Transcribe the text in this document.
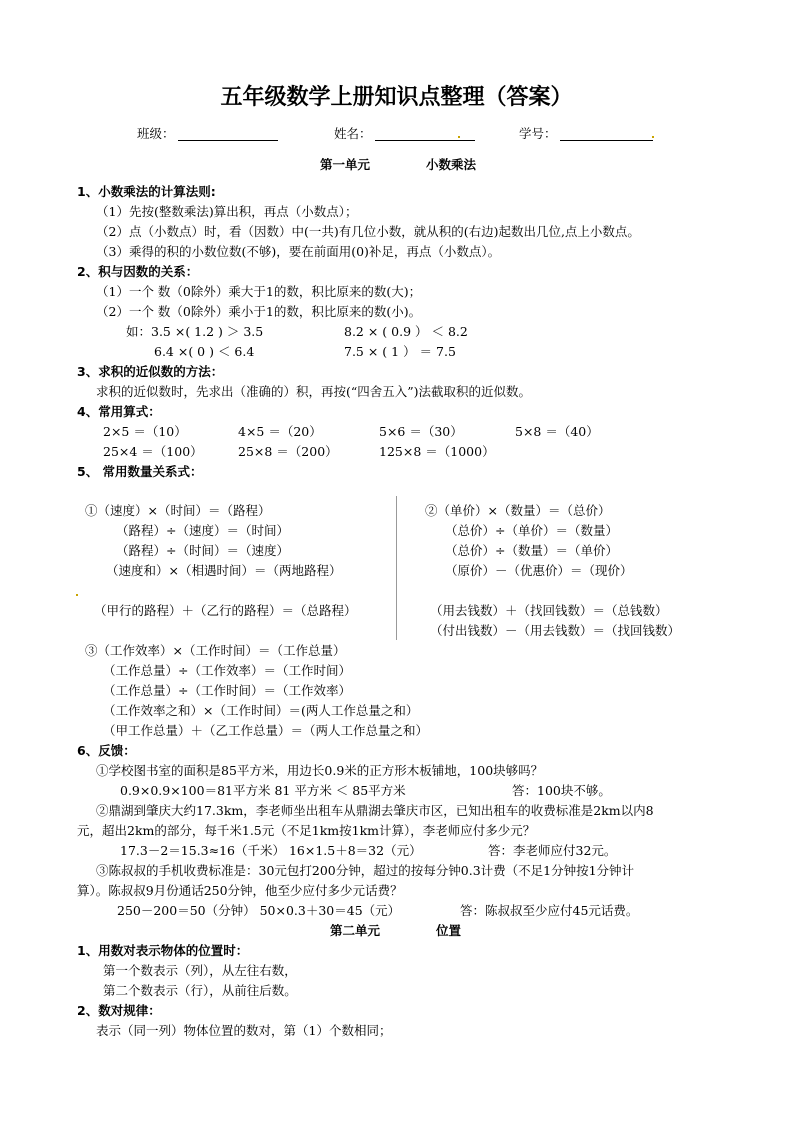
五年级数学上册知识点整理（答案）
班级：	姓名：	学号：
第一单元	小数乘法
1、小数乘法的计算法则:
（1）先按(整数乘法)算出积，再点（小数点）；
（2）点（小数点）时，看（因数）中(一共)有几位小数，就从积的(右边)起数出几位,点上小数点。
（3）乘得的积的小数位数(不够)，要在前面用(0)补足，再点（小数点）。
2、积与因数的关系：
（1）一个 数（0除外）乘大于1的数，积比原来的数(大)；
（2）一个 数（0除外）乘小于1的数，积比原来的数(小)。
如：3.5 ×( 1.2 ) ＞ 3.5	8.2 × ( 0.9 ） ＜ 8.2
6.4 ×( 0 ) ＜ 6.4	7.5 × ( 1 ） ＝ 7.5
3、求积的近似数的方法：
求积的近似数时，先求出（准确的）积，再按(“四舍五入”)法截取积的近似数。
4、常用算式：
2×5 ＝（10）	4×5 ＝（20）	5×6 ＝（30）	5×8 ＝（40）
25×4 ＝（100）	25×8 ＝（200）	125×8 ＝（1000）
5、 常用数量关系式：
①（速度）×（时间）＝（路程）
（路程）÷（速度）＝（时间）
（路程）÷（时间）＝（速度）
（速度和）×（相遇时间）＝（两地路程）
（甲行的路程）＋（乙行的路程）＝（总路程）
②（单价）×（数量）＝（总价）
（总价）÷（单价）＝（数量）
（总价）÷（数量）＝（单价）
（原价）－（优惠价）＝（现价）
（用去钱数）＋（找回钱数）＝（总钱数）
（付出钱数）－（用去钱数）＝（找回钱数）
③（工作效率）×（工作时间）＝（工作总量）
（工作总量）÷（工作效率）＝（工作时间）
（工作总量）÷（工作时间）＝（工作效率）
（工作效率之和）×（工作时间）＝(两人工作总量之和）
（甲工作总量）＋（乙工作总量）＝（两人工作总量之和）
6、反馈：
①学校图书室的面积是85平方米，用边长0.9米的正方形木板铺地，100块够吗？
0.9×0.9×100＝81平方米 81 平方米 ＜ 85平方米	答：100块不够。
②鼎湖到肇庆大约17.3km，李老师坐出租车从鼎湖去肇庆市区，已知出租车的收费标准是2km以内8
元，超出2km的部分，每千米1.5元（不足1km按1km计算），李老师应付多少元？
17.3－2＝15.3≈16（千米） 16×1.5＋8＝32（元）	答：李老师应付32元。
③陈叔叔的手机收费标准是：30元包打200分钟，超过的按每分钟0.3计费（不足1分钟按1分钟计
算）。陈叔叔9月份通话250分钟，他至少应付多少元话费？
250－200＝50（分钟） 50×0.3＋30＝45（元）	答：陈叔叔至少应付45元话费。
第二单元	位置
1、用数对表示物体的位置时：
第一个数表示（列），从左往右数，
第二个数表示（行），从前往后数。
2、数对规律：
表示（同一列）物体位置的数对，第（1）个数相同；
